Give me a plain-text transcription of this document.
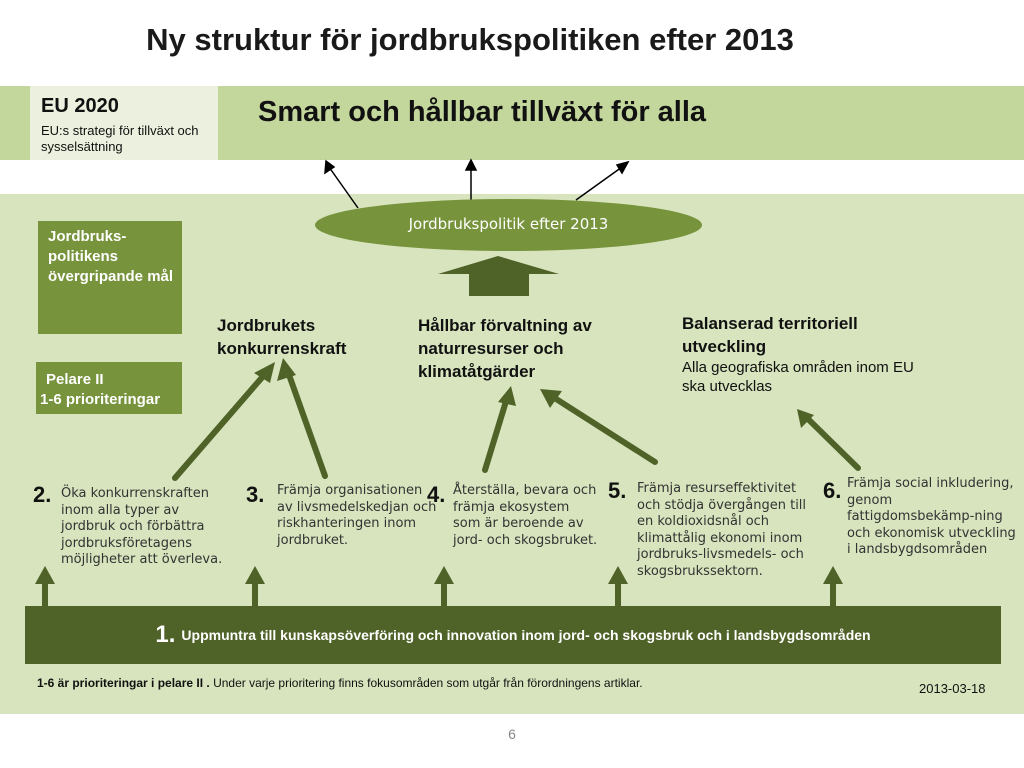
Ny struktur för jordbrukspolitiken efter 2013
EU 2020
EU:s strategi för tillväxt och sysselsättning
Smart och hållbar tillväxt för alla
Jordbrukspolitik efter 2013
Jordbruks-politikens övergripande mål
Pelare II
1-6 prioriteringar
Jordbrukets konkurrenskraft
Hållbar förvaltning av naturresurser och klimatåtgärder
Balanserad territoriell utveckling
Alla geografiska områden inom EU ska utvecklas
2. Öka konkurrenskraften inom alla typer av jordbruk och förbättra jordbruksföretagens möjligheter att överleva.
3. Främja organisationen av livsmedelskedjan och riskhanteringen inom jordbruket.
4. Återställa, bevara och främja ekosystem som är beroende av jord- och skogsbruket.
5. Främja resurseffektivitet och stödja övergången till en koldioxidsnål och klimattålig ekonomi inom jordbruks-livsmedels- och skogsbrukssektorn.
6. Främja social inkludering, genom fattigdomsbekämp-ning och ekonomisk utveckling i landsbygdsområden
1. Uppmuntra till kunskapsöverföring och innovation inom jord- och skogsbruk och i landsbygdsområden
1-6 är prioriteringar i pelare II . Under varje prioritering finns fokusområden som utgår från förordningens artiklar.	2013-03-18
6
